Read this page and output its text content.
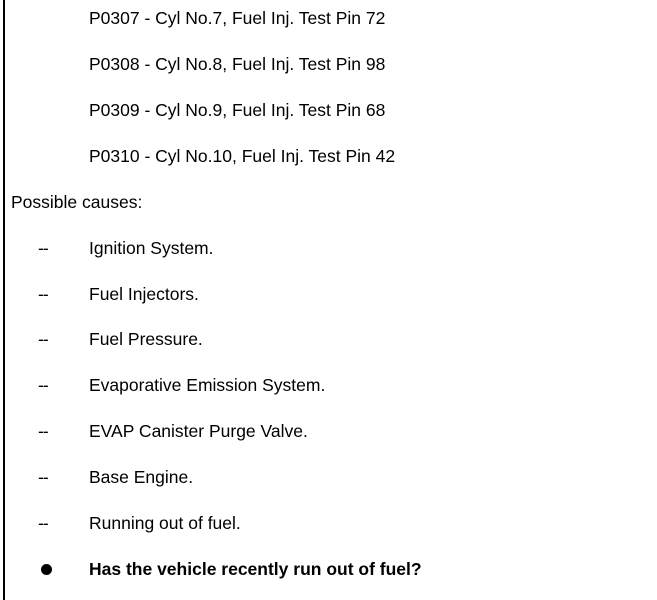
P0307 - Cyl No.7, Fuel Inj. Test Pin 72
P0308 - Cyl No.8, Fuel Inj. Test Pin 98
P0309 - Cyl No.9, Fuel Inj. Test Pin 68
P0310 - Cyl No.10, Fuel Inj. Test Pin 42
Possible causes:
-- Ignition System.
-- Fuel Injectors.
-- Fuel Pressure.
-- Evaporative Emission System.
-- EVAP Canister Purge Valve.
-- Base Engine.
-- Running out of fuel.
Has the vehicle recently run out of fuel?
